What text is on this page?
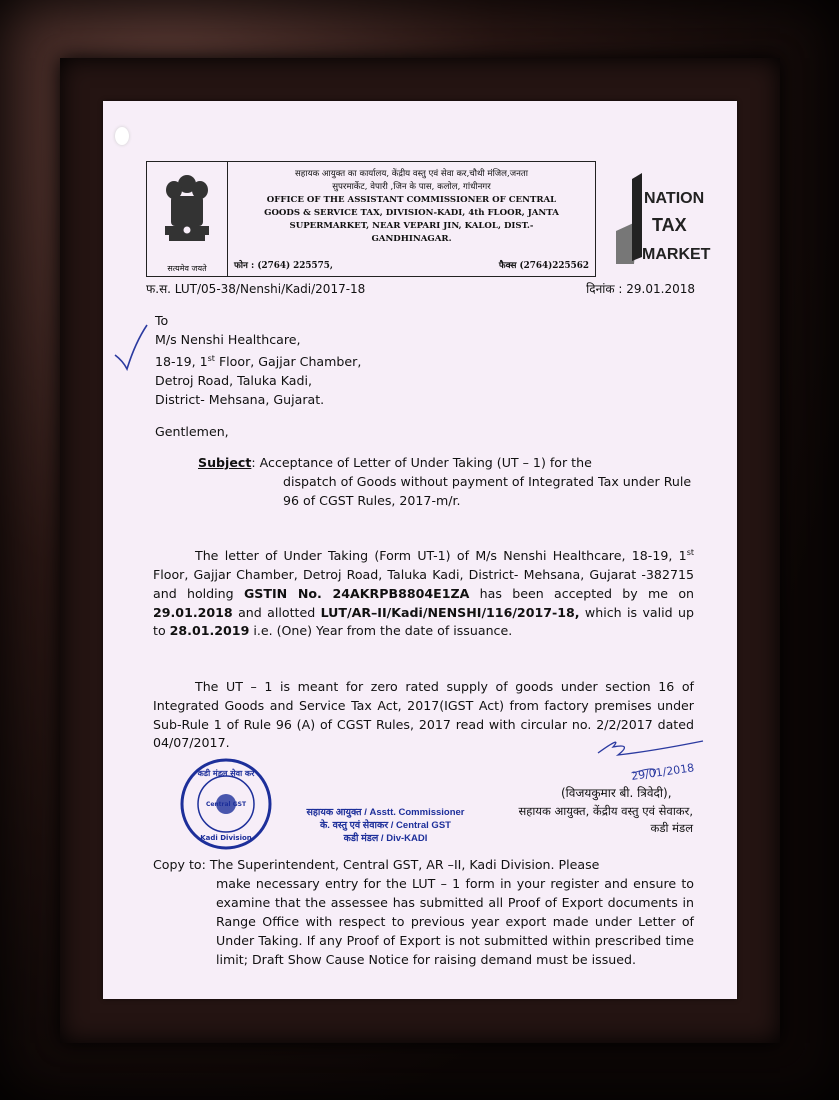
सत्यमेव जयते
सहायक आयुक्त का कार्यालय, केंद्रीय वस्तु एवं सेवा कर,चौथी मंजिल,जनता
सुपरमार्केट, वेपारी ,जिन के पास, कलोल, गांधीनगर
OFFICE OF THE ASSISTANT COMMISSIONER OF CENTRAL
GOODS & SERVICE TAX, DIVISION-KADI, 4th FLOOR, JANTA
SUPERMARKET, NEAR VEPARI JIN, KALOL, DIST.-
GANDHINAGAR.
फोन : (2764) 225575,	फैक्स (2764)225562
NATION
TAX
MARKET
फ.स. LUT/05-38/Nenshi/Kadi/2017-18	दिनांक : 29.01.2018
To
M/s Nenshi Healthcare,
18-19, 1st Floor, Gajjar Chamber,
Detroj Road, Taluka Kadi,
District- Mehsana, Gujarat.
Gentlemen,
Subject: Acceptance of Letter of Under Taking (UT – 1) for the
dispatch of Goods without payment of Integrated Tax under Rule 96 of CGST Rules, 2017-m/r.
The letter of Under Taking (Form UT-1) of M/s Nenshi Healthcare, 18-19, 1st Floor, Gajjar Chamber, Detroj Road, Taluka Kadi, District- Mehsana, Gujarat -382715 and holding GSTIN No. 24AKRPB8804E1ZA has been accepted by me on 29.01.2018 and allotted LUT/AR–II/Kadi/NENSHI/116/2017-18, which is valid up to 28.01.2019 i.e. (One) Year from the date of issuance.
The UT – 1 is meant for zero rated supply of goods under section 16 of Integrated Goods and Service Tax Act, 2017(IGST Act) from factory premises under Sub-Rule 1 of Rule 96 (A) of CGST Rules, 2017 read with circular no. 2/2/2017 dated 04/07/2017.
29/01/2018
(विजयकुमार बी. त्रिवेदी),
सहायक आयुक्त, केंद्रीय वस्तु एवं सेवाकर,
कडी मंडल
कडी मंडल सेवा कर
Central GST
Kadi Division
सहायक आयुक्त / Asstt. Commissioner
के. वस्तु एवं सेवाकर / Central GST
कडी मंडल / Div-KADI
Copy to: The Superintendent, Central GST, AR –II, Kadi Division. Please
make necessary entry for the LUT – 1 form in your register and ensure to examine that the assessee has submitted all Proof of Export documents in Range Office with respect to previous year export made under Letter of Under Taking. If any Proof of Export is not submitted within prescribed time limit; Draft Show Cause Notice for raising demand must be issued.
